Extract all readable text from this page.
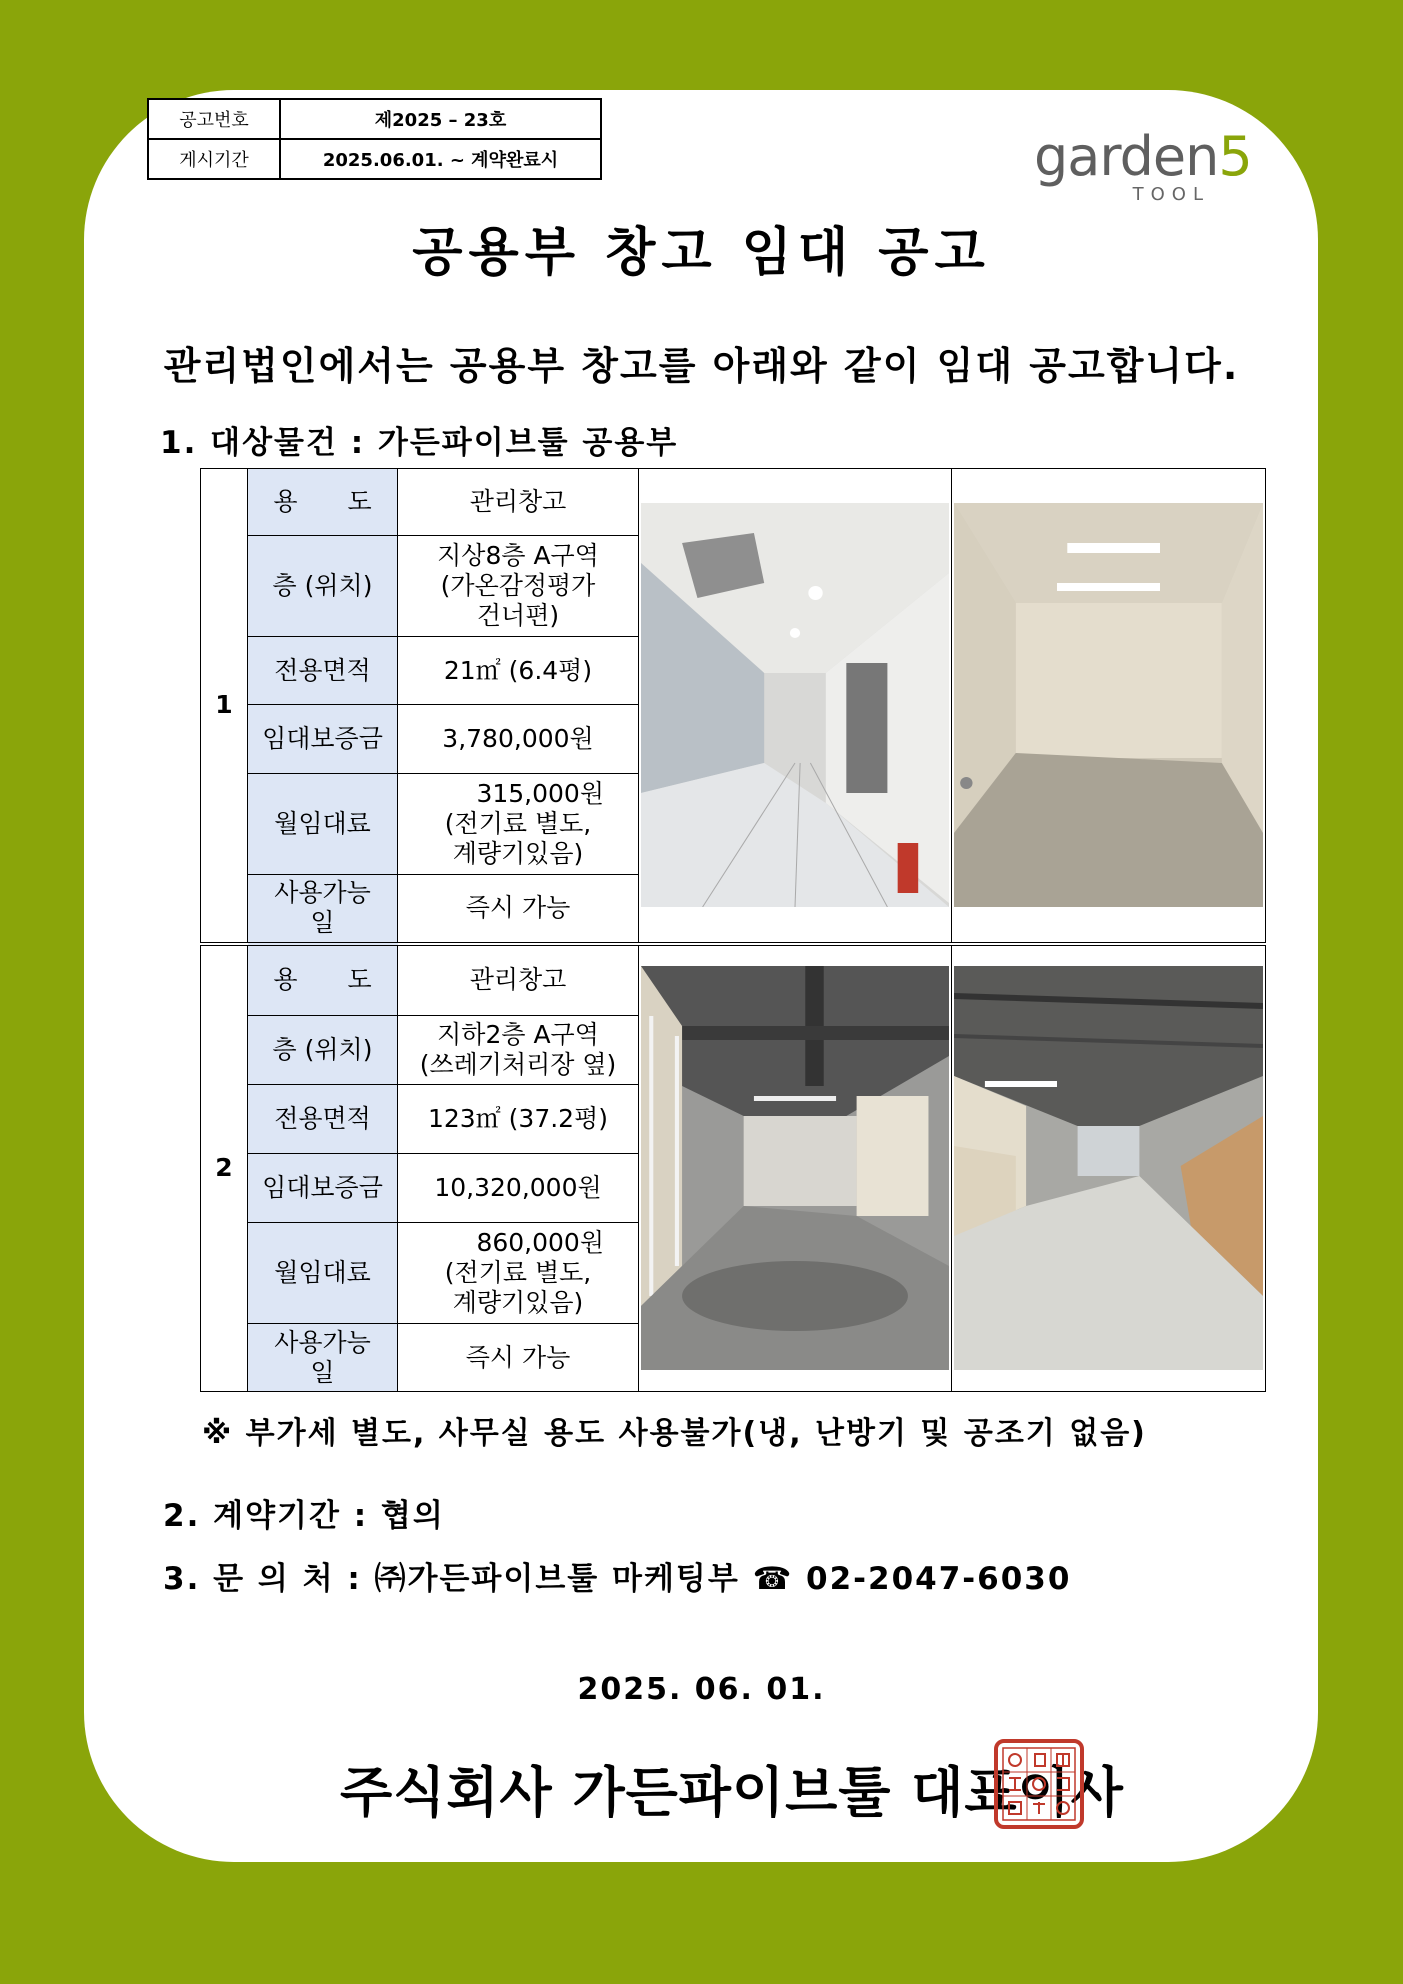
공고번호	제2025 – 23호
게시기간	2025.06.01. ~ 계약완료시	garden5
TOOL
공용부 창고 임대 공고
관리법인에서는 공용부 창고를 아래와 같이 임대 공고합니다.
1. 대상물건 : 가든파이브툴 공용부
1	용　　도	관리창고	

	층 (위치)	지상8층 A구역
(가온감정평가
건너편)		

	전용면적	21㎡ (6.4평)		
	임대보증금	3,780,000원		
	월임대료	315,000원
(전기료 별도,
계량기있음)		

	사용가능일	즉시 가능		
2	용　　도	관리창고	

	층 (위치)	지하2층 A구역
(쓰레기처리장 옆)		

	전용면적	123㎡ (37.2평)		
	임대보증금	10,320,000원		
	월임대료	860,000원
(전기료 별도,
계량기있음)		

	사용가능일	즉시 가능		
※ 부가세 별도, 사무실 용도 사용불가(냉, 난방기 및 공조기 없음)
2. 계약기간 : 협의
3. 문 의 처 : ㈜가든파이브툴 마케팅부 ☎ 02-2047-6030
2025. 06. 01.
주식회사 가든파이브툴 대표이사
